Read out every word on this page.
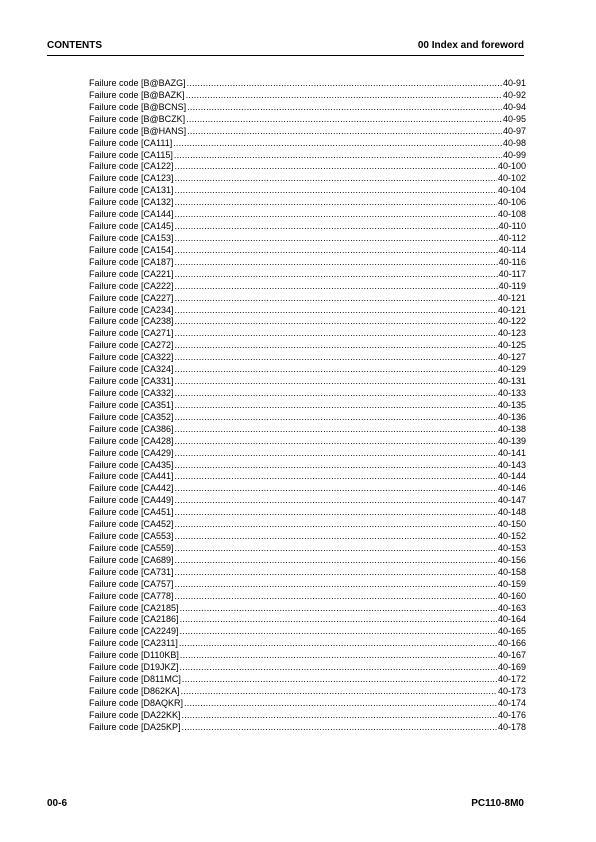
CONTENTS	00 Index and foreword
Failure code [B@BAZG] .....	40-91
Failure code [B@BAZK] .....	40-92
Failure code [B@BCNS] .....	40-94
Failure code [B@BCZK] .....	40-95
Failure code [B@HANS] .....	40-97
Failure code [CA111] .....	40-98
Failure code [CA115] .....	40-99
Failure code [CA122] .....	40-100
Failure code [CA123] .....	40-102
Failure code [CA131] .....	40-104
Failure code [CA132] .....	40-106
Failure code [CA144] .....	40-108
Failure code [CA145] .....	40-110
Failure code [CA153] .....	40-112
Failure code [CA154] .....	40-114
Failure code [CA187] .....	40-116
Failure code [CA221] .....	40-117
Failure code [CA222] .....	40-119
Failure code [CA227] .....	40-121
Failure code [CA234] .....	40-121
Failure code [CA238] .....	40-122
Failure code [CA271] .....	40-123
Failure code [CA272] .....	40-125
Failure code [CA322] .....	40-127
Failure code [CA324] .....	40-129
Failure code [CA331] .....	40-131
Failure code [CA332] .....	40-133
Failure code [CA351] .....	40-135
Failure code [CA352] .....	40-136
Failure code [CA386] .....	40-138
Failure code [CA428] .....	40-139
Failure code [CA429] .....	40-141
Failure code [CA435] .....	40-143
Failure code [CA441] .....	40-144
Failure code [CA442] .....	40-146
Failure code [CA449] .....	40-147
Failure code [CA451] .....	40-148
Failure code [CA452] .....	40-150
Failure code [CA553] .....	40-152
Failure code [CA559] .....	40-153
Failure code [CA689] .....	40-156
Failure code [CA731] .....	40-158
Failure code [CA757] .....	40-159
Failure code [CA778] .....	40-160
Failure code [CA2185] .....	40-163
Failure code [CA2186] .....	40-164
Failure code [CA2249] .....	40-165
Failure code [CA2311] .....	40-166
Failure code [D110KB] .....	40-167
Failure code [D19JKZ] .....	40-169
Failure code [D811MC] .....	40-172
Failure code [D862KA] .....	40-173
Failure code [D8AQKR] .....	40-174
Failure code [DA22KK] .....	40-176
Failure code [DA25KP] .....	40-178
00-6	PC110-8M0
